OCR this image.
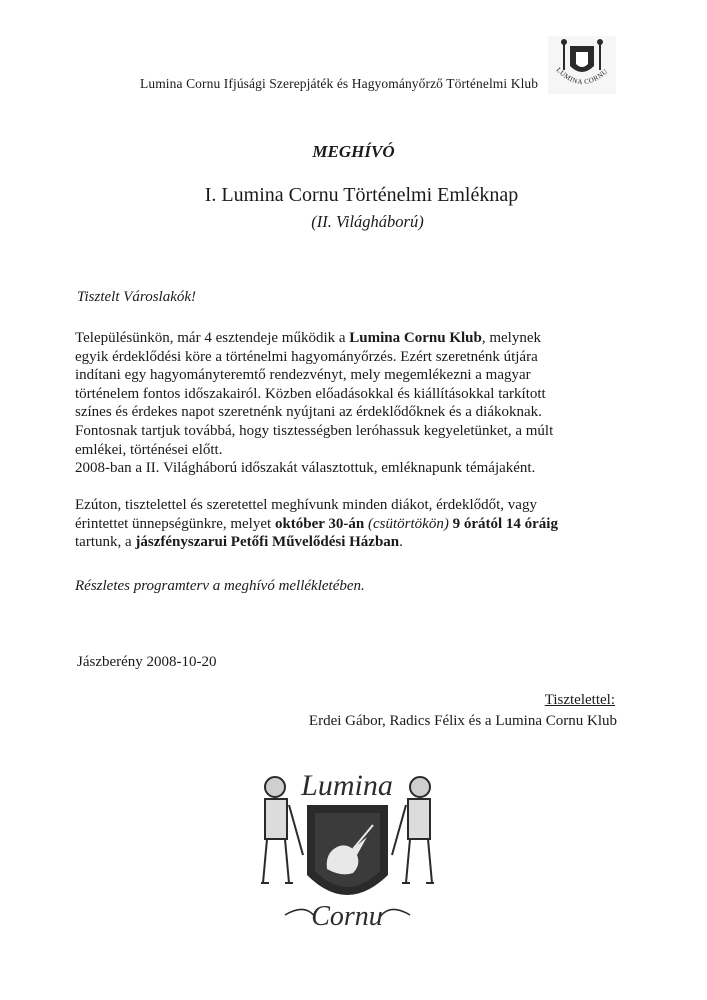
Lumina Cornu Ifjúsági Szerepjáték és Hagyományőrző Történelmi Klub
LUMINA CORNU
MEGHÍVÓ
I. Lumina Cornu Történelmi Emléknap
(II. Világháború)
Tisztelt Városlakók!
Településünkön, már 4 esztendeje működik a Lumina Cornu Klub, melynek
egyik érdeklődési köre a történelmi hagyományőrzés. Ezért szeretnénk útjára
indítani egy hagyományteremtő rendezvényt, mely megemlékezni a magyar
történelem fontos időszakairól. Közben előadásokkal és kiállításokkal tarkított
színes és érdekes napot szeretnénk nyújtani az érdeklődőknek és a diákoknak.
Fontosnak tartjuk továbbá, hogy tisztességben leróhassuk kegyeletünket, a múlt
emlékei, történései előtt.
2008-ban a II. Világháború időszakát választottuk, emléknapunk témájaként.
Ezúton, tisztelettel és szeretettel meghívunk minden diákot, érdeklődőt, vagy
érintettet ünnepségünkre, melyet október 30-án (csütörtökön) 9 órától 14 óráig
tartunk, a jászfényszarui Petőfi Művelődési Házban.
Részletes programterv a meghívó mellékletében.
Jászberény 2008-10-20
Tisztelettel:
Erdei Gábor, Radics Félix és a Lumina Cornu Klub
Lumina
Cornu
